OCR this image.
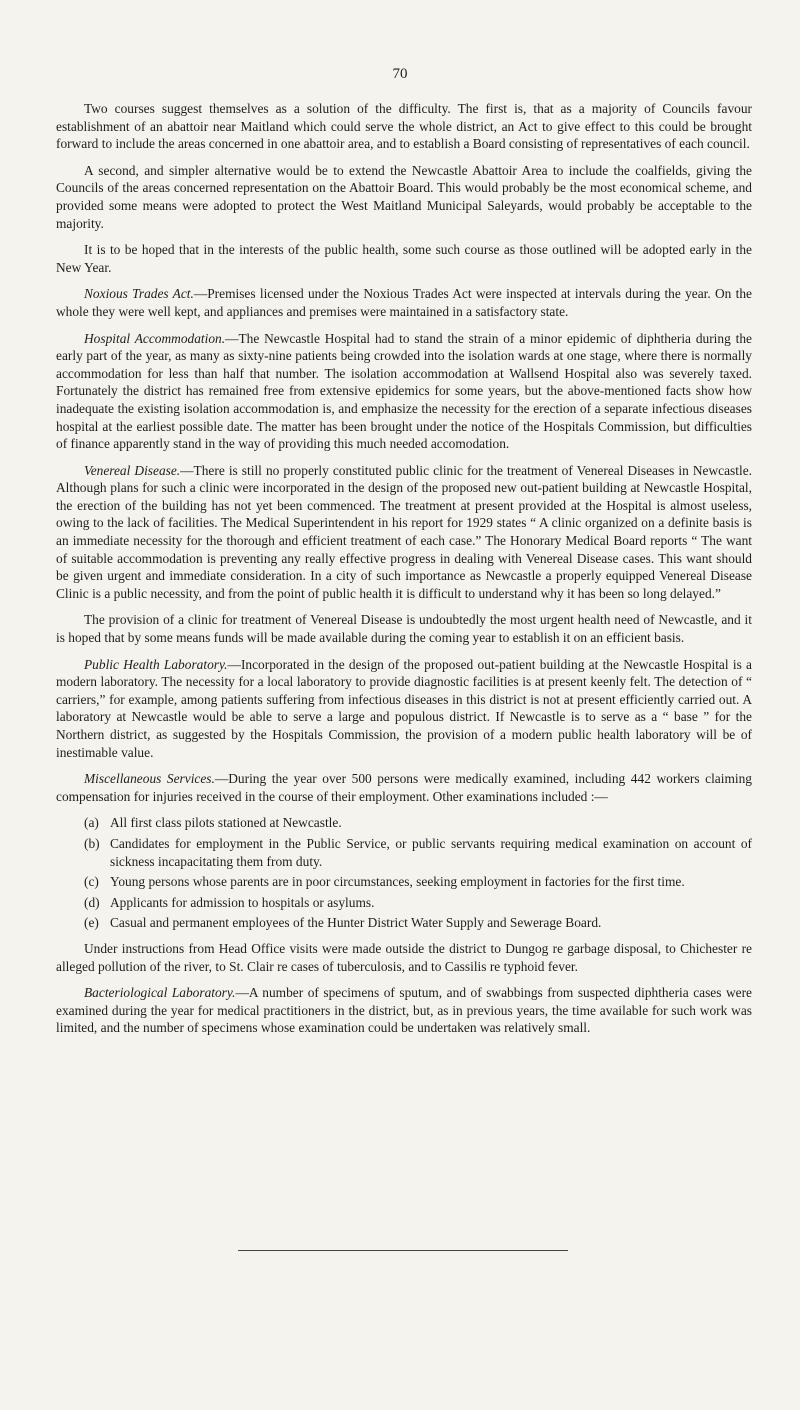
70

Two courses suggest themselves as a solution of the difficulty. The first is, that as a majority of Councils favour establishment of an abattoir near Maitland which could serve the whole district, an Act to give effect to this could be brought forward to include the areas concerned in one abattoir area, and to establish a Board consisting of representatives of each council.

A second, and simpler alternative would be to extend the Newcastle Abattoir Area to include the coalfields, giving the Councils of the areas concerned representation on the Abattoir Board. This would probably be the most economical scheme, and provided some means were adopted to protect the West Maitland Municipal Saleyards, would probably be acceptable to the majority.

It is to be hoped that in the interests of the public health, some such course as those outlined will be adopted early in the New Year.

Noxious Trades Act.—Premises licensed under the Noxious Trades Act were inspected at intervals during the year. On the whole they were well kept, and appliances and premises were maintained in a satisfactory state.

Hospital Accommodation.—The Newcastle Hospital had to stand the strain of a minor epidemic of diphtheria during the early part of the year, as many as sixty-nine patients being crowded into the isolation wards at one stage, where there is normally accommodation for less than half that number. The isolation accommodation at Wallsend Hospital also was severely taxed. Fortunately the district has remained free from extensive epidemics for some years, but the above-mentioned facts show how inadequate the existing isolation accommodation is, and emphasize the necessity for the erection of a separate infectious diseases hospital at the earliest possible date. The matter has been brought under the notice of the Hospitals Commission, but difficulties of finance apparently stand in the way of providing this much needed accomodation.

Venereal Disease.—There is still no properly constituted public clinic for the treatment of Venereal Diseases in Newcastle. Although plans for such a clinic were incorporated in the design of the proposed new out-patient building at Newcastle Hospital, the erection of the building has not yet been commenced. The treatment at present provided at the Hospital is almost useless, owing to the lack of facilities. The Medical Superintendent in his report for 1929 states “ A clinic organized on a definite basis is an immediate necessity for the thorough and efficient treatment of each case.” The Honorary Medical Board reports “ The want of suitable accommodation is preventing any really effective progress in dealing with Venereal Disease cases. This want should be given urgent and immediate consideration. In a city of such importance as Newcastle a properly equipped Venereal Disease Clinic is a public necessity, and from the point of public health it is difficult to understand why it has been so long delayed.”

The provision of a clinic for treatment of Venereal Disease is undoubtedly the most urgent health need of Newcastle, and it is hoped that by some means funds will be made available during the coming year to establish it on an efficient basis.

Public Health Laboratory.—Incorporated in the design of the proposed out-patient building at the Newcastle Hospital is a modern laboratory. The necessity for a local laboratory to provide diagnostic facilities is at present keenly felt. The detection of “ carriers,” for example, among patients suffering from infectious diseases in this district is not at present efficiently carried out. A laboratory at Newcastle would be able to serve a large and populous district. If Newcastle is to serve as a “ base ” for the Northern district, as suggested by the Hospitals Commission, the provision of a modern public health laboratory will be of inestimable value.

Miscellaneous Services.—During the year over 500 persons were medically examined, including 442 workers claiming compensation for injuries received in the course of their employment. Other examinations included :—

(a) All first class pilots stationed at Newcastle.
(b) Candidates for employment in the Public Service, or public servants requiring medical examination on account of sickness incapacitating them from duty.
(c) Young persons whose parents are in poor circumstances, seeking employment in factories for the first time.
(d) Applicants for admission to hospitals or asylums.
(e) Casual and permanent employees of the Hunter District Water Supply and Sewerage Board.

Under instructions from Head Office visits were made outside the district to Dungog re garbage disposal, to Chichester re alleged pollution of the river, to St. Clair re cases of tuberculosis, and to Cassilis re typhoid fever.

Bacteriological Laboratory.—A number of specimens of sputum, and of swabbings from suspected diphtheria cases were examined during the year for medical practitioners in the district, but, as in previous years, the time available for such work was limited, and the number of specimens whose examination could be undertaken was relatively small.
